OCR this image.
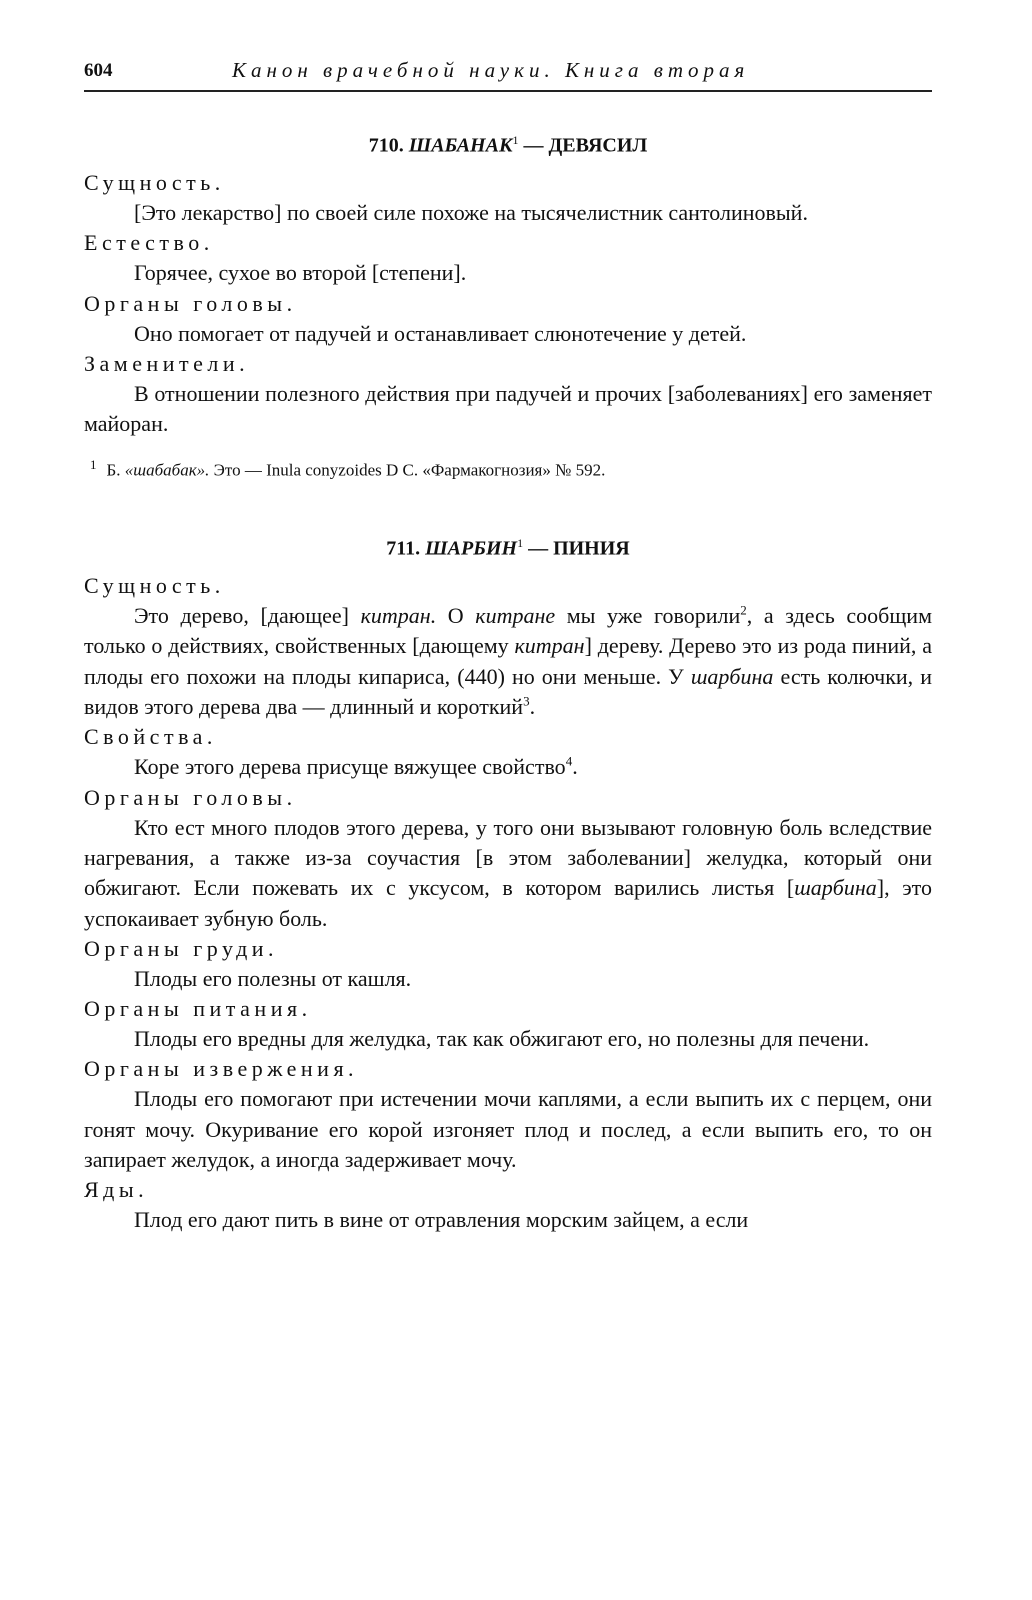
604	Канон врачебной науки. Книга вторая
710. ШАБАНАК$^1$ — ДЕВЯСИЛ

Сущность.

[Это лекарство] по своей силе похоже на тысячелистник сантолиновый.

Естество.

Горячее, сухое во второй [степени].

Органы головы.

Оно помогает от падучей и останавливает слюнотечение у детей.

Заменители.

В отношении полезного действия при падучей и прочих [заболеваниях] его заменяет майоран.

$^1$ Б. «шабабак». Это — Inula conyzoides D C. «Фармакогнозия» № 592.

711. ШАРБИН$^1$ — ПИНИЯ

Сущность.

Это дерево, [дающее] китран. О китране мы уже говорили$^2$, а здесь сообщим только о действиях, свойственных [дающему китран] дереву. Дерево это из рода пиний, а плоды его похожи на плоды кипариса, (440) но они меньше. У шарбина есть колючки, и видов этого дерева два — длинный и короткий$^3$.

Свойства.

Коре этого дерева присуще вяжущее свойство$^4$.

Органы головы.

Кто ест много плодов этого дерева, у того они вызывают головную боль вследствие нагревания, а также из-за соучастия [в этом заболевании] желудка, который они обжигают. Если пожевать их с уксусом, в котором варились листья [шарбина], это успокаивает зубную боль.

Органы груди.

Плоды его полезны от кашля.

Органы питания.

Плоды его вредны для желудка, так как обжигают его, но полезны для печени.

Органы извержения.

Плоды его помогают при истечении мочи каплями, а если выпить их с перцем, они гонят мочу. Окуривание его корой изгоняет плод и послед, а если выпить его, то он запирает желудок, а иногда задерживает мочу.

Яды.

Плод его дают пить в вине от отравления морским зайцем, а если
